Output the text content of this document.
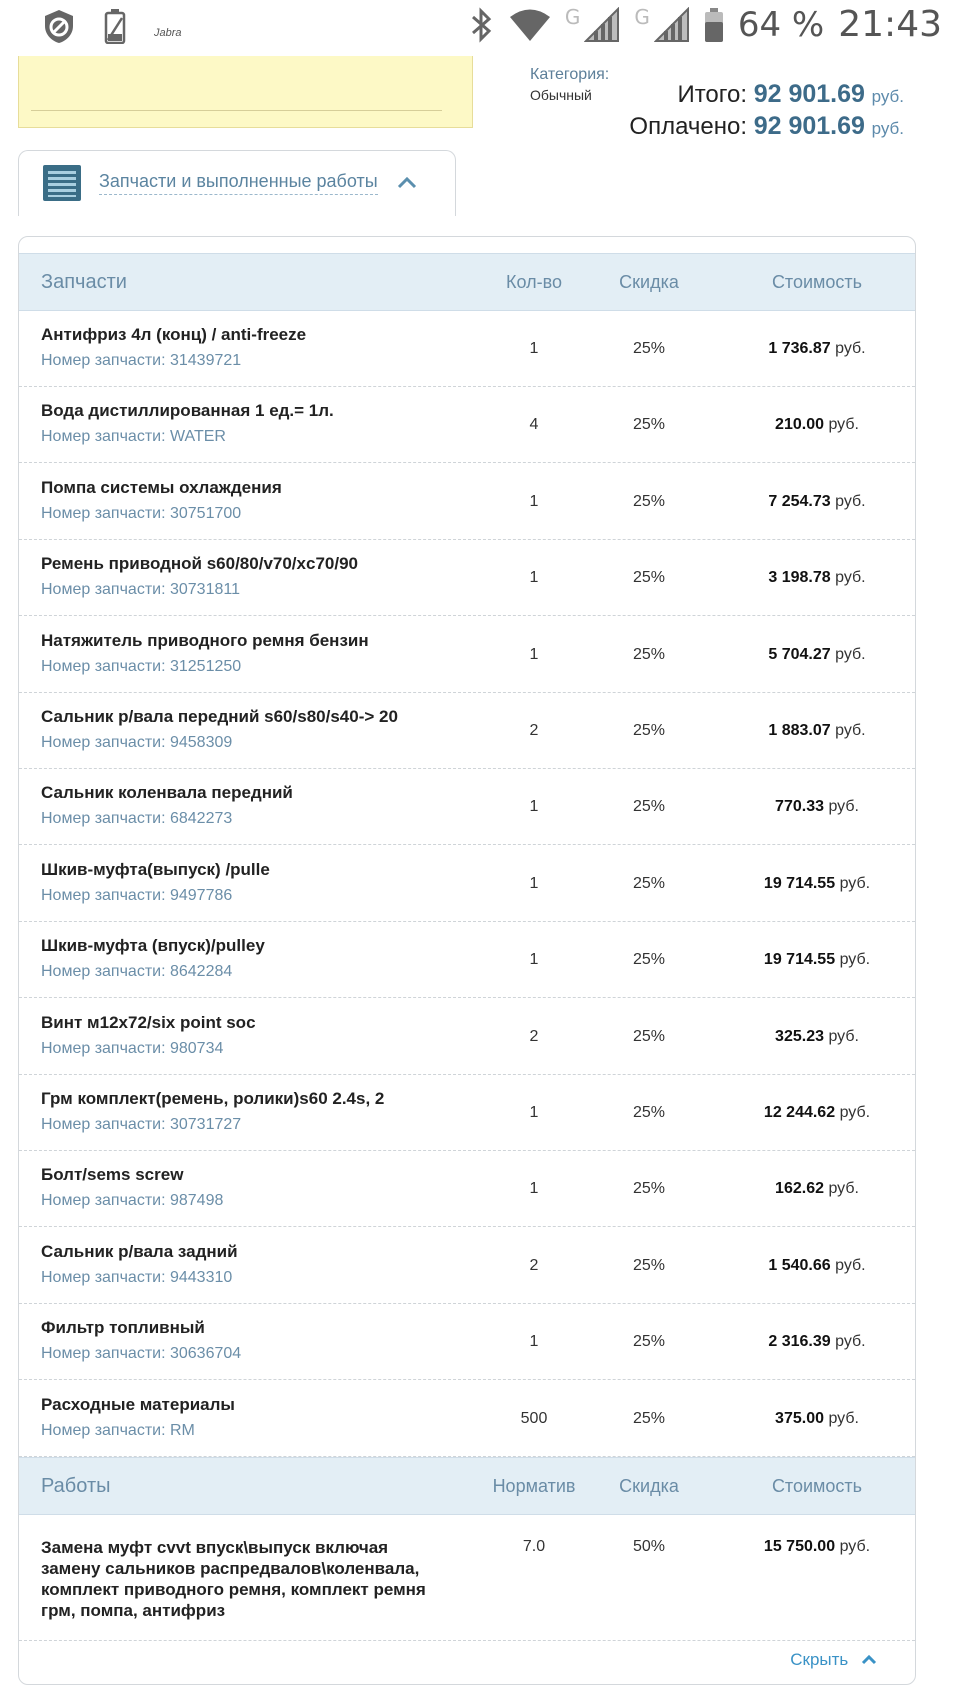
Jabra
G	G	64 % 21:43
Категория:
Обычный	Итого: 92 901.69 руб.
Оплачено: 92 901.69 руб.
Запчасти и выполненные работы
Запчасти	Кол-во	Скидка	Стоимость
Антифриз 4л (конц) / anti-freeze
Номер запчасти: 31439721
1	25%	1 736.87 руб.
Вода дистиллированная 1 ед.= 1л.
Номер запчасти: WATER
4	25%	210.00 руб.
Помпа системы охлаждения
Номер запчасти: 30751700
1	25%	7 254.73 руб.
Ремень приводной s60/80/v70/xc70/90
Номер запчасти: 30731811
1	25%	3 198.78 руб.
Натяжитель приводного ремня бензин
Номер запчасти: 31251250
1	25%	5 704.27 руб.
Сальник р/вала передний s60/s80/s40-> 20
Номер запчасти: 9458309
2	25%	1 883.07 руб.
Сальник коленвала передний
Номер запчасти: 6842273
1	25%	770.33 руб.
Шкив-муфта(выпуск) /pulle
Номер запчасти: 9497786
1	25%	19 714.55 руб.
Шкив-муфта (впуск)/pulley
Номер запчасти: 8642284
1	25%	19 714.55 руб.
Винт м12x72/six point soc
Номер запчасти: 980734
2	25%	325.23 руб.
Грм комплект(ремень, ролики)s60 2.4s, 2
Номер запчасти: 30731727
1	25%	12 244.62 руб.
Болт/sems screw
Номер запчасти: 987498
1	25%	162.62 руб.
Сальник р/вала задний
Номер запчасти: 9443310
2	25%	1 540.66 руб.
Фильтр топливный
Номер запчасти: 30636704
1	25%	2 316.39 руб.
Расходные материалы
Номер запчасти: RM
500	25%	375.00 руб.
Работы	Норматив	Скидка	Стоимость
Замена муфт cvvt впуск\выпуск включая замену сальников распредвалов\коленвала, комплект приводного ремня, комплект ремня грм, помпа, антифриз
7.0	50%	15 750.00 руб.
Скрыть
